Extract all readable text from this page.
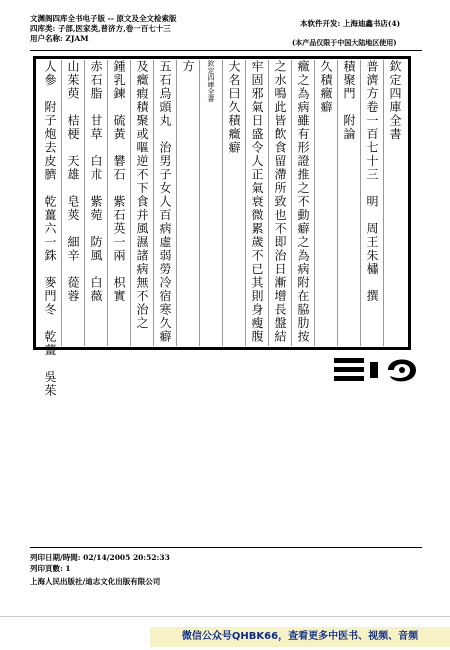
文渊阁四库全书电子版 -- 原文及全文检索版
四库类: 子部,医家类,普济方,卷一百七十三
用户名称: ZJAM
本软件开发: 上海迪鑫书店(4)
(本产品仅限于中国大陆地区使用)
欽定四庫全書
普濟方卷一百七十三　明　周王朱橚　撰
積聚門　附論
久積癥癖
癥之為病雖有形證推之不動癖之為病附在脇肋按
之水鳴此皆飲食留滯所致也不即治日漸增長盤結
牢固邪氣日盛令人正氣衰微累歲不已其則身瘦腹
大名曰久積癥癖
欽定四庫全書
方
五石烏頭丸　治男子女人百病虛弱勞冷宿寒久癖
及癥瘕積聚或嘔逆不下食并風濕諸病無不治之
鍾乳鍊　硫黃　礬石　紫石英一兩　枳實
赤石脂　甘草　白朮　紫菀　防風　白薇
山茱萸　桔梗　天雄　皂莢　細辛　蓯蓉
人參　附子炮去皮臍　乾薑六一銖　麥門冬　乾薑　吳茱
列印日期/時間: 02/14/2005 20:52:33
列印頁數: 1
上海人民出版社/迪志文化出版有限公司
微信公众号QHBK66，查看更多中医书、视频、音频
